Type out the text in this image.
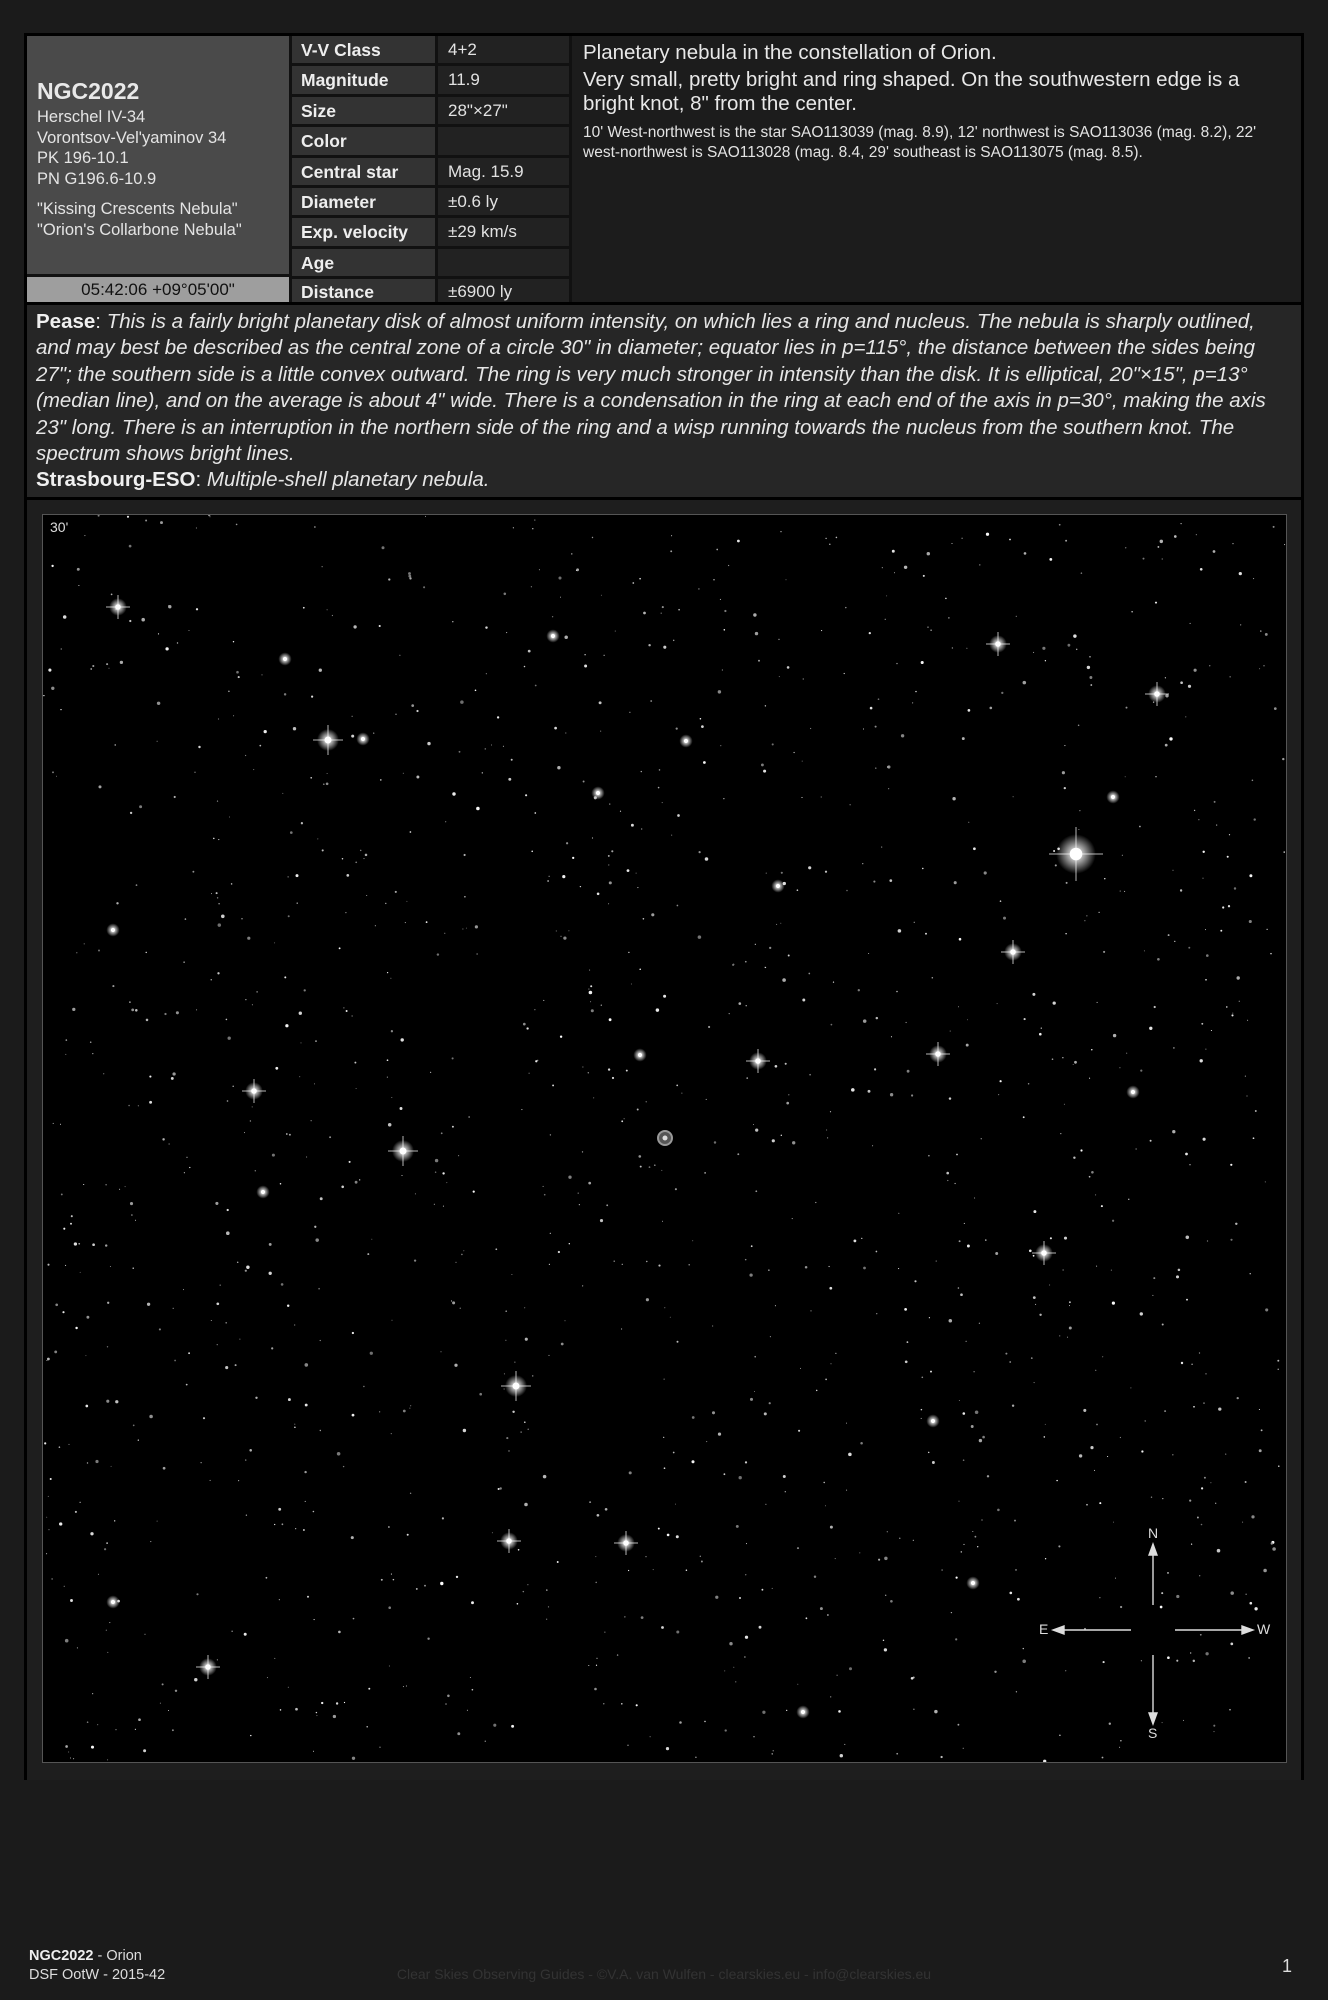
NGC2022
Herschel IV-34
Vorontsov-Vel'yaminov 34
PK 196-10.1
PN G196.6-10.9
"Kissing Crescents Nebula"
"Orion's Collarbone Nebula"
05:42:06 +09°05'00"
V-V Class	4+2
Magnitude	11.9
Size	28"×27"
Color
Central star	Mag. 15.9
Diameter	±0.6 ly
Exp. velocity	±29 km/s
Age
Distance	±6900 ly
Planetary nebula in the constellation of Orion.
Very small, pretty bright and ring shaped. On the southwestern edge is a bright knot, 8" from the center.
10' West-northwest is the star SAO113039 (mag. 8.9), 12' northwest is SAO113036 (mag. 8.2), 22' west-northwest is SAO113028 (mag. 8.4, 29' southeast is SAO113075 (mag. 8.5).
Pease: This is a fairly bright planetary disk of almost uniform intensity, on which lies a ring and nucleus. The nebula is sharply outlined, and may best be described as the central zone of a circle 30" in diameter; equator lies in p=115°, the distance between the sides being 27"; the southern side is a little convex outward. The ring is very much stronger in intensity than the disk. It is elliptical, 20"×15", p=13° (median line), and on the average is about 4" wide. There is a condensation in the ring at each end of the axis in p=30°, making the axis 23" long. There is an interruption in the northern side of the ring and a wisp running towards the nucleus from the southern knot. The spectrum shows bright lines.
Strasbourg-ESO: Multiple-shell planetary nebula.
30'
N
S
E	W
NGC2022 - Orion
DSF OotW - 2015-42	Clear Skies Observing Guides - ©V.A. van Wulfen - clearskies.eu - info@clearskies.eu	1
